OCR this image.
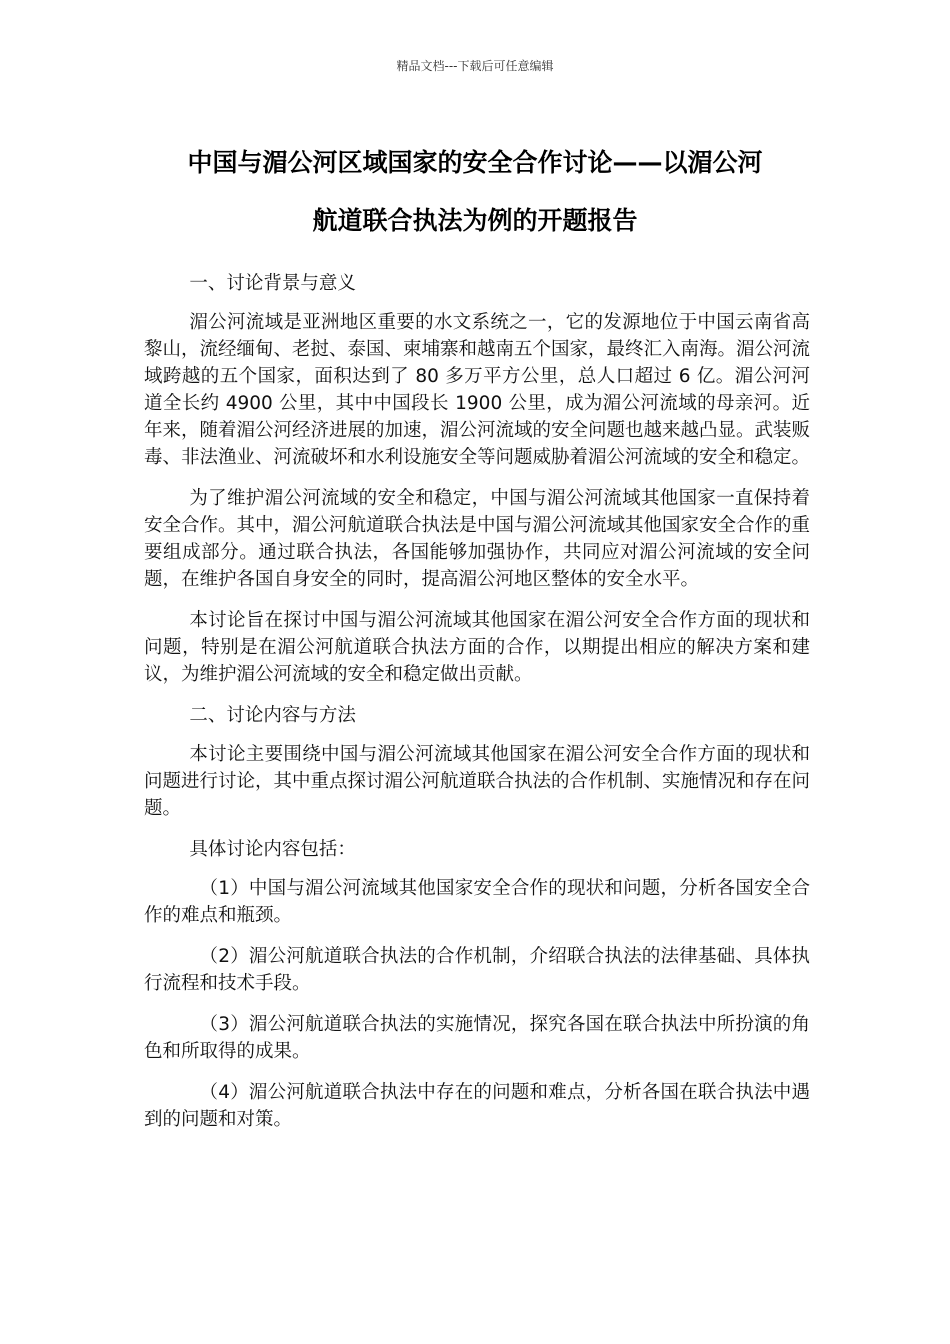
精品文档---下载后可任意编辑
中国与湄公河区域国家的安全合作讨论——以湄公河
航道联合执法为例的开题报告

一、讨论背景与意义

湄公河流域是亚洲地区重要的水文系统之一，它的发源地位于中国云南省高黎山，流经缅甸、老挝、泰国、柬埔寨和越南五个国家，最终汇入南海。湄公河流域跨越的五个国家，面积达到了 80 多万平方公里，总人口超过 6 亿。湄公河河道全长约 4900 公里，其中中国段长 1900 公里，成为湄公河流域的母亲河。近年来，随着湄公河经济进展的加速，湄公河流域的安全问题也越来越凸显。武装贩毒、非法渔业、河流破坏和水利设施安全等问题威胁着湄公河流域的安全和稳定。

为了维护湄公河流域的安全和稳定，中国与湄公河流域其他国家一直保持着安全合作。其中，湄公河航道联合执法是中国与湄公河流域其他国家安全合作的重要组成部分。通过联合执法，各国能够加强协作，共同应对湄公河流域的安全问题，在维护各国自身安全的同时，提高湄公河地区整体的安全水平。

本讨论旨在探讨中国与湄公河流域其他国家在湄公河安全合作方面的现状和问题，特别是在湄公河航道联合执法方面的合作，以期提出相应的解决方案和建议，为维护湄公河流域的安全和稳定做出贡献。

二、讨论内容与方法

本讨论主要围绕中国与湄公河流域其他国家在湄公河安全合作方面的现状和问题进行讨论，其中重点探讨湄公河航道联合执法的合作机制、实施情况和存在问题。

具体讨论内容包括：

（1）中国与湄公河流域其他国家安全合作的现状和问题，分析各国安全合作的难点和瓶颈。

（2）湄公河航道联合执法的合作机制，介绍联合执法的法律基础、具体执行流程和技术手段。

（3）湄公河航道联合执法的实施情况，探究各国在联合执法中所扮演的角色和所取得的成果。

（4）湄公河航道联合执法中存在的问题和难点，分析各国在联合执法中遇到的问题和对策。
